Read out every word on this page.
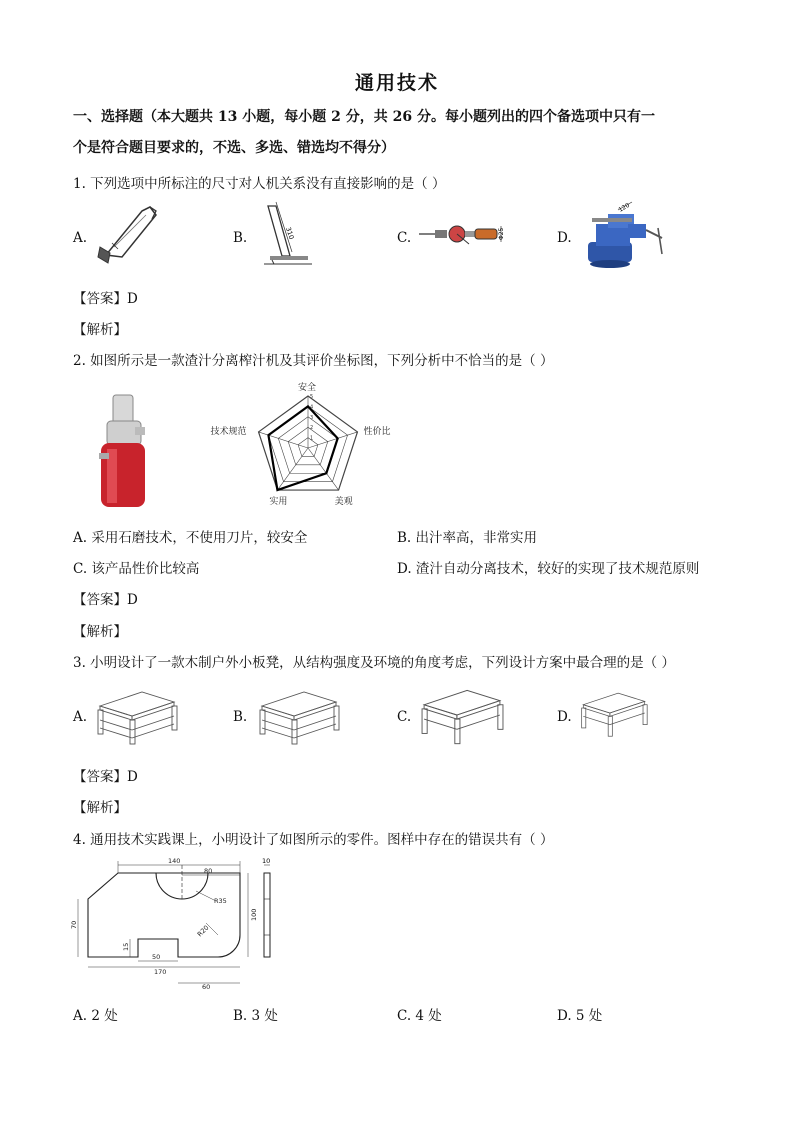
通用技术
一、选择题（本大题共 13 小题，每小题 2 分，共 26 分。每小题列出的四个备选项中只有一
个是符合题目要求的，不选、多选、错选均不得分）
1. 下列选项中所标注的尺寸对人机关系没有直接影响的是（ ）
A.	B.	310	C.	Φ25	D.
120
【答案】D
【解析】
2. 如图所示是一款渣汁分离榨汁机及其评价坐标图，下列分析中不恰当的是（ ）
1
2
3
4
5
安全
性价比
美观
实用
技术规范
A. 采用石磨技术，不使用刀片，较安全	B. 出汁率高，非常实用
C. 该产品性价比较高	D. 渣汁自动分离技术，较好的实现了技术规范原则
【答案】D
【解析】
3. 小明设计了一款木制户外小板凳，从结构强度及环境的角度考虑，下列设计方案中最合理的是（ ）
A.	B.	C.	D.
【答案】D
【解析】
4. 通用技术实践课上，小明设计了如图所示的零件。图样中存在的错误共有（ ）
140
80
R35
70
100
R20
15
50
170
60
10
A. 2 处	B. 3 处	C. 4 处	D. 5 处
